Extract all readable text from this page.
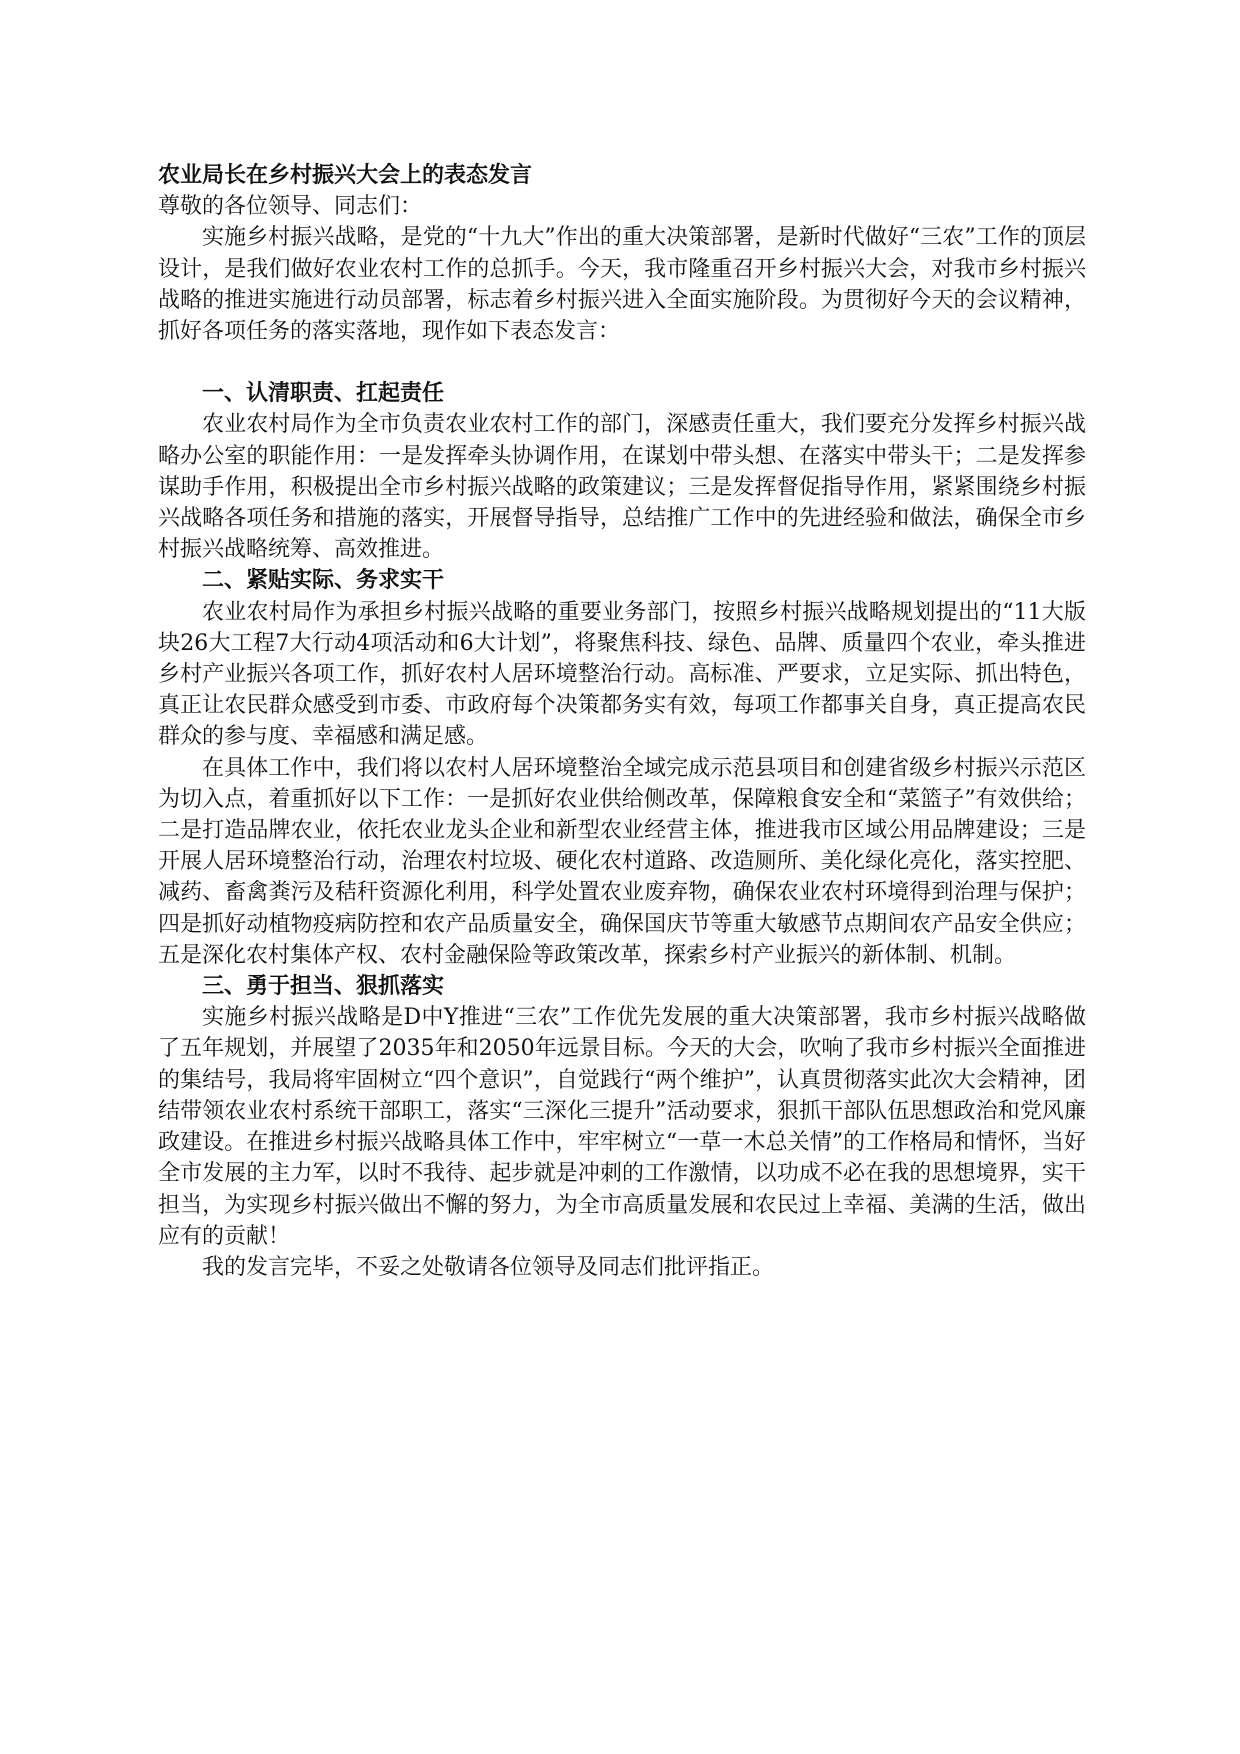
农业局长在乡村振兴大会上的表态发言

尊敬的各位领导、同志们：

实施乡村振兴战略，是党的“十九大”作出的重大决策部署，是新时代做好“三农”工作的顶层设计，是我们做好农业农村工作的总抓手。今天，我市隆重召开乡村振兴大会，对我市乡村振兴战略的推进实施进行动员部署，标志着乡村振兴进入全面实施阶段。为贯彻好今天的会议精神，抓好各项任务的落实落地，现作如下表态发言：

一、认清职责、扛起责任

农业农村局作为全市负责农业农村工作的部门，深感责任重大，我们要充分发挥乡村振兴战略办公室的职能作用：一是发挥牵头协调作用，在谋划中带头想、在落实中带头干；二是发挥参谋助手作用，积极提出全市乡村振兴战略的政策建议；三是发挥督促指导作用，紧紧围绕乡村振兴战略各项任务和措施的落实，开展督导指导，总结推广工作中的先进经验和做法，确保全市乡村振兴战略统筹、高效推进。

二、紧贴实际、务求实干

农业农村局作为承担乡村振兴战略的重要业务部门，按照乡村振兴战略规划提出的“11大版块26大工程7大行动4项活动和6大计划”，将聚焦科技、绿色、品牌、质量四个农业，牵头推进乡村产业振兴各项工作，抓好农村人居环境整治行动。高标准、严要求，立足实际、抓出特色，真正让农民群众感受到市委、市政府每个决策都务实有效，每项工作都事关自身，真正提高农民群众的参与度、幸福感和满足感。

在具体工作中，我们将以农村人居环境整治全域完成示范县项目和创建省级乡村振兴示范区为切入点，着重抓好以下工作：一是抓好农业供给侧改革，保障粮食安全和“菜篮子”有效供给；二是打造品牌农业，依托农业龙头企业和新型农业经营主体，推进我市区域公用品牌建设；三是开展人居环境整治行动，治理农村垃圾、硬化农村道路、改造厕所、美化绿化亮化，落实控肥、减药、畜禽粪污及秸秆资源化利用，科学处置农业废弃物，确保农业农村环境得到治理与保护；四是抓好动植物疫病防控和农产品质量安全，确保国庆节等重大敏感节点期间农产品安全供应；五是深化农村集体产权、农村金融保险等政策改革，探索乡村产业振兴的新体制、机制。

三、勇于担当、狠抓落实

实施乡村振兴战略是D中Y推进“三农”工作优先发展的重大决策部署，我市乡村振兴战略做了五年规划，并展望了2035年和2050年远景目标。今天的大会，吹响了我市乡村振兴全面推进的集结号，我局将牢固树立“四个意识”，自觉践行“两个维护”，认真贯彻落实此次大会精神，团结带领农业农村系统干部职工，落实“三深化三提升”活动要求，狠抓干部队伍思想政治和党风廉政建设。在推进乡村振兴战略具体工作中，牢牢树立“一草一木总关情”的工作格局和情怀，当好全市发展的主力军，以时不我待、起步就是冲刺的工作激情，以功成不必在我的思想境界，实干担当，为实现乡村振兴做出不懈的努力，为全市高质量发展和农民过上幸福、美满的生活，做出应有的贡献！

我的发言完毕，不妥之处敬请各位领导及同志们批评指正。
